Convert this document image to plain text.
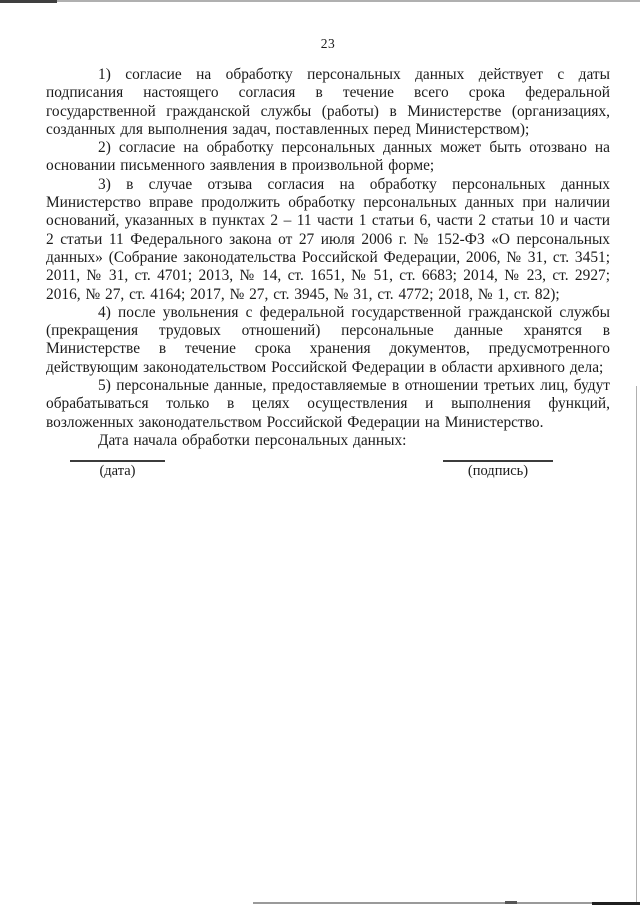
23

1) согласие на обработку персональных данных действует с даты подписания настоящего согласия в течение всего срока федеральной государственной гражданской службы (работы) в Министерстве (организациях, созданных для выполнения задач, поставленных перед Министерством);

2) согласие на обработку персональных данных может быть отозвано на основании письменного заявления в произвольной форме;

3) в случае отзыва согласия на обработку персональных данных Министерство вправе продолжить обработку персональных данных при наличии оснований, указанных в пунктах 2 – 11 части 1 статьи 6, части 2 статьи 10 и части 2 статьи 11 Федерального закона от 27 июля 2006 г. № 152-ФЗ «О персональных данных» (Собрание законодательства Российской Федерации, 2006, № 31, ст. 3451; 2011, № 31, ст. 4701; 2013, № 14, ст. 1651, № 51, ст. 6683; 2014, № 23, ст. 2927; 2016, № 27, ст. 4164; 2017, № 27, ст. 3945, № 31, ст. 4772; 2018, № 1, ст. 82);

4) после увольнения с федеральной государственной гражданской службы (прекращения трудовых отношений) персональные данные хранятся в Министерстве в течение срока хранения документов, предусмотренного действующим законодательством Российской Федерации в области архивного дела;

5) персональные данные, предоставляемые в отношении третьих лиц, будут обрабатываться только в целях осуществления и выполнения функций, возложенных законодательством Российской Федерации на Министерство.

Дата начала обработки персональных данных:

(дата)	(подпись)
